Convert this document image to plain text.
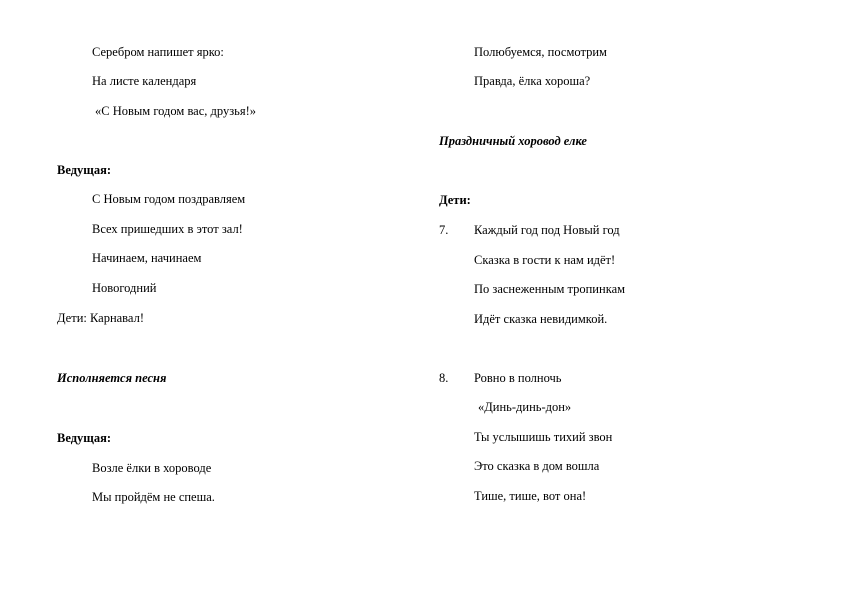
Серебром напишет ярко:
На листе календаря
«С Новым годом вас, друзья!»
Ведущая:
С Новым годом поздравляем
Всех пришедших в этот зал!
Начинаем, начинаем
Новогодний
Дети: Карнавал!
Исполняется песня
Ведущая:
Возле ёлки в хороводе
Мы пройдём не спеша.
Полюбуемся, посмотрим
Правда, ёлка хороша?
Праздничный хоровод елке
Дети:
7. Каждый год под Новый год
Сказка в гости к нам идёт!
По заснеженным тропинкам
Идёт сказка невидимкой.
8. Ровно в полночь
«Динь-динь-дон»
Ты услышишь тихий звон
Это сказка в дом вошла
Тише, тише, вот она!
